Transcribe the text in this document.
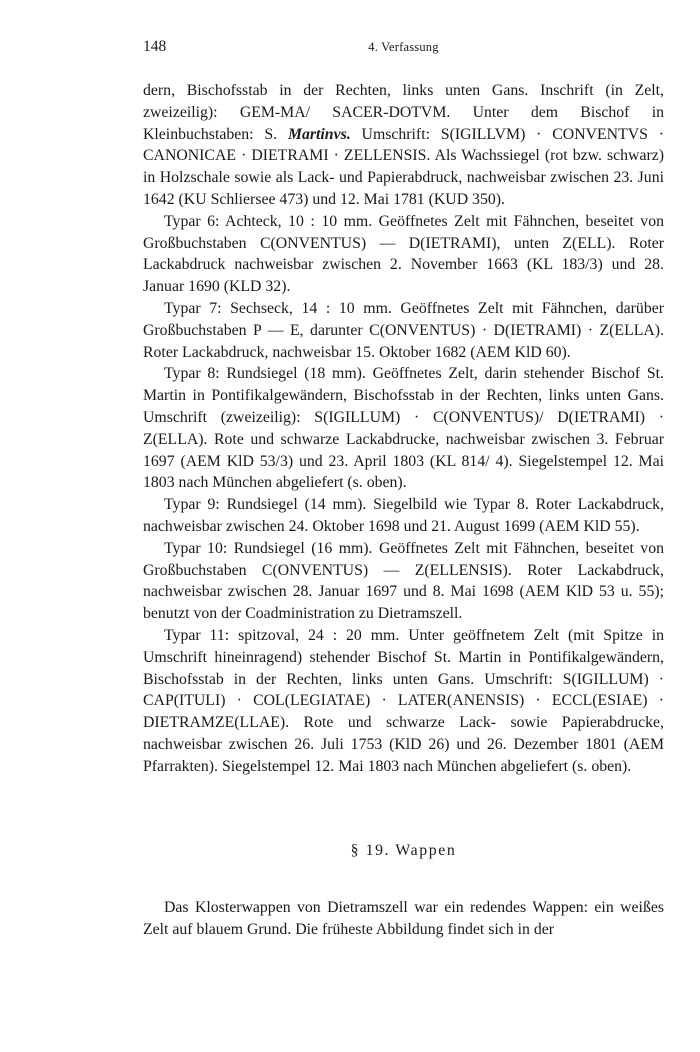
148	4. Verfassung

dern, Bischofsstab in der Rechten, links unten Gans. Inschrift (in Zelt, zweizeilig): GEM-MA/ SACER-DOTVM. Unter dem Bischof in Kleinbuchstaben: S. Martinvs. Umschrift: S(IGILLVM) · CONVENTVS · CANONICAE · DIETRAMI · ZELLENSIS. Als Wachssiegel (rot bzw. schwarz) in Holzschale sowie als Lack- und Papierabdruck, nachweisbar zwischen 23. Juni 1642 (KU Schliersee 473) und 12. Mai 1781 (KUD 350).

Typar 6: Achteck, 10 : 10 mm. Geöffnetes Zelt mit Fähnchen, beseitet von Großbuchstaben C(ONVENTUS) — D(IETRAMI), unten Z(ELL). Roter Lackabdruck nachweisbar zwischen 2. November 1663 (KL 183/3) und 28. Januar 1690 (KLD 32).

Typar 7: Sechseck, 14 : 10 mm. Geöffnetes Zelt mit Fähnchen, darüber Großbuchstaben P — E, darunter C(ONVENTUS) · D(IETRAMI) · Z(ELLA). Roter Lackabdruck, nachweisbar 15. Oktober 1682 (AEM KlD 60).

Typar 8: Rundsiegel (18 mm). Geöffnetes Zelt, darin stehender Bischof St. Martin in Pontifikalgewändern, Bischofsstab in der Rechten, links unten Gans. Umschrift (zweizeilig): S(IGILLUM) · C(ONVENTUS)/ D(IETRAMI) · Z(ELLA). Rote und schwarze Lackabdrucke, nachweisbar zwischen 3. Februar 1697 (AEM KlD 53/3) und 23. April 1803 (KL 814/ 4). Siegelstempel 12. Mai 1803 nach München abgeliefert (s. oben).

Typar 9: Rundsiegel (14 mm). Siegelbild wie Typar 8. Roter Lackabdruck, nachweisbar zwischen 24. Oktober 1698 und 21. August 1699 (AEM KlD 55).

Typar 10: Rundsiegel (16 mm). Geöffnetes Zelt mit Fähnchen, beseitet von Großbuchstaben C(ONVENTUS) — Z(ELLENSIS). Roter Lackabdruck, nachweisbar zwischen 28. Januar 1697 und 8. Mai 1698 (AEM KlD 53 u. 55); benutzt von der Coadministration zu Dietramszell.

Typar 11: spitzoval, 24 : 20 mm. Unter geöffnetem Zelt (mit Spitze in Umschrift hineinragend) stehender Bischof St. Martin in Pontifikalgewändern, Bischofsstab in der Rechten, links unten Gans. Umschrift: S(IGILLUM) · CAP(ITULI) · COL(LEGIATAE) · LATER(ANENSIS) · ECCL(ESIAE) · DIETRAMZE(LLAE). Rote und schwarze Lack- sowie Papierabdrucke, nachweisbar zwischen 26. Juli 1753 (KlD 26) und 26. Dezember 1801 (AEM Pfarrakten). Siegelstempel 12. Mai 1803 nach München abgeliefert (s. oben).

§ 19. Wappen

Das Klosterwappen von Dietramszell war ein redendes Wappen: ein weißes Zelt auf blauem Grund. Die früheste Abbildung findet sich in der
